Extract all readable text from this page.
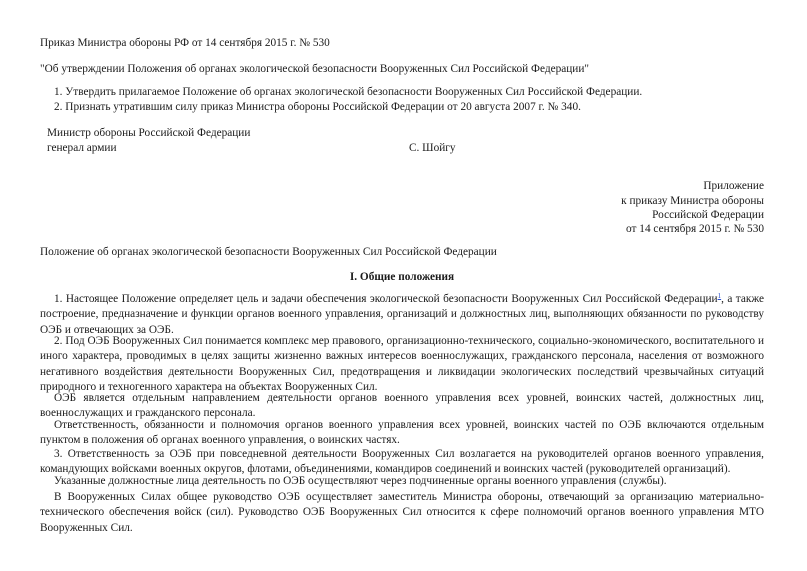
Приказ Министра обороны РФ от 14 сентября 2015 г. № 530
"Об утверждении Положения об органах экологической безопасности Вооруженных Сил Российской Федерации"
1. Утвердить прилагаемое Положение об органах экологической безопасности Вооруженных Сил Российской Федерации.
2. Признать утратившим силу приказ Министра обороны Российской Федерации от 20 августа 2007 г. № 340.
Министр обороны Российской Федерации
генерал армии	С. Шойгу
Приложение
к приказу Министра обороны
Российской Федерации
от 14 сентября 2015 г. № 530
Положение об органах экологической безопасности Вооруженных Сил Российской Федерации
I. Общие положения

1. Настоящее Положение определяет цель и задачи обеспечения экологической безопасности Вооруженных Сил Российской Федерации$^1$, а также построение, предназначение и функции органов военного управления, организаций и должностных лиц, выполняющих обязанности по руководству ОЭБ и отвечающих за ОЭБ.

2. Под ОЭБ Вооруженных Сил понимается комплекс мер правового, организационно-технического, социально-экономического, воспитательного и иного характера, проводимых в целях защиты жизненно важных интересов военнослужащих, гражданского персонала, населения от возможного негативного воздействия деятельности Вооруженных Сил, предотвращения и ликвидации экологических последствий чрезвычайных ситуаций природного и техногенного характера на объектах Вооруженных Сил.

ОЭБ является отдельным направлением деятельности органов военного управления всех уровней, воинских частей, должностных лиц, военнослужащих и гражданского персонала.

Ответственность, обязанности и полномочия органов военного управления всех уровней, воинских частей по ОЭБ включаются отдельным пунктом в положения об органах военного управления, о воинских частях.

3. Ответственность за ОЭБ при повседневной деятельности Вооруженных Сил возлагается на руководителей органов военного управления, командующих войсками военных округов, флотами, объединениями, командиров соединений и воинских частей (руководителей организаций).

Указанные должностные лица деятельность по ОЭБ осуществляют через подчиненные органы военного управления (службы).

В Вооруженных Силах общее руководство ОЭБ осуществляет заместитель Министра обороны, отвечающий за организацию материально-технического обеспечения войск (сил). Руководство ОЭБ Вооруженных Сил относится к сфере полномочий органов военного управления МТО Вооруженных Сил.
